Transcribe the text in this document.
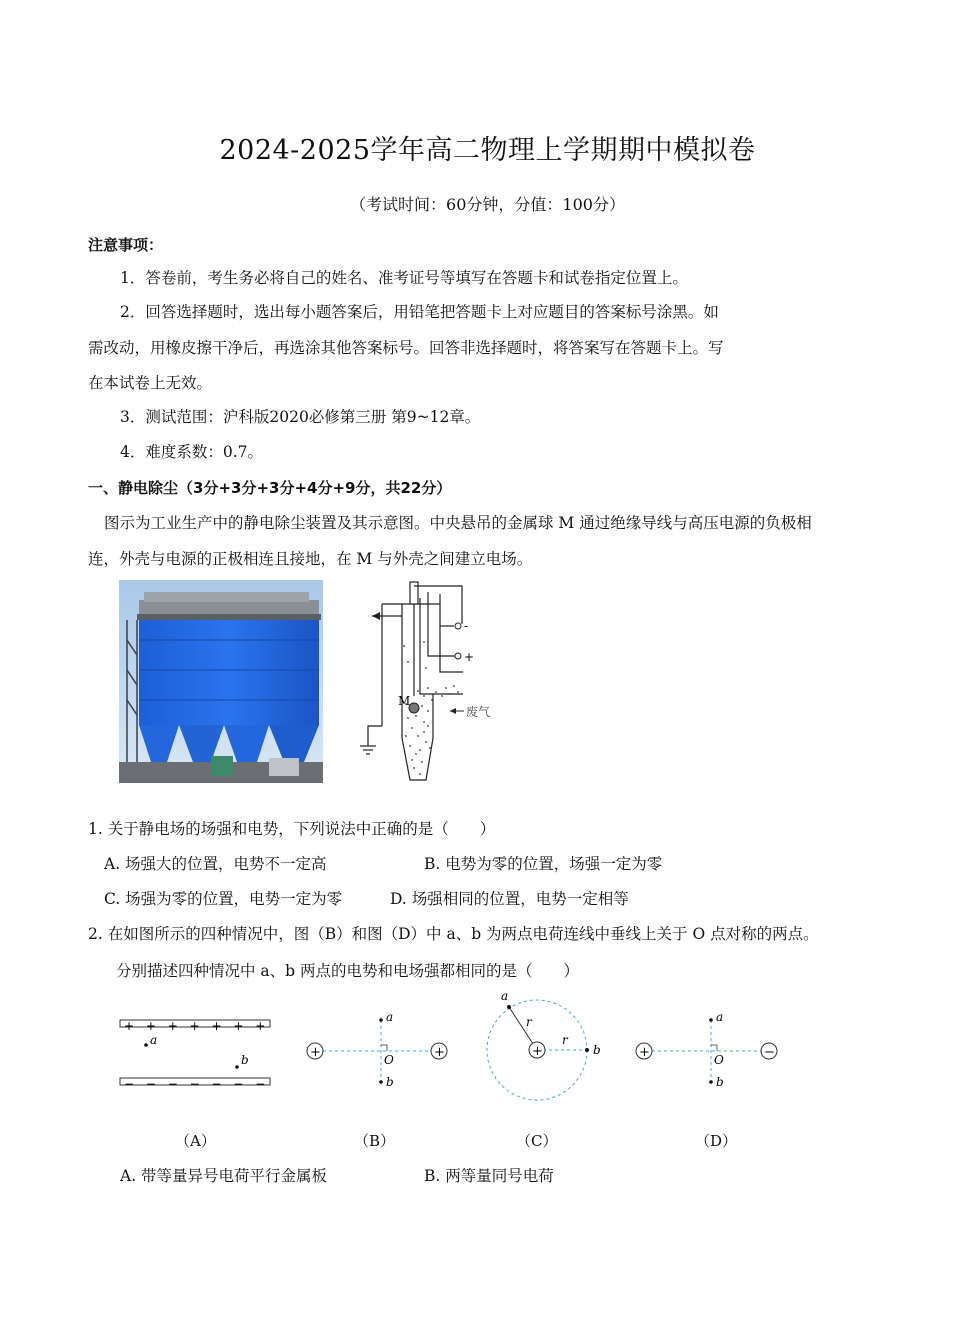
2024-2025学年高二物理上学期期中模拟卷
（考试时间：60分钟，分值：100分）
注意事项：
1．答卷前，考生务必将自己的姓名、准考证号等填写在答题卡和试卷指定位置上。
2．回答选择题时，选出每小题答案后，用铅笔把答题卡上对应题目的答案标号涂黑。如
需改动，用橡皮擦干净后，再选涂其他答案标号。回答非选择题时，将答案写在答题卡上。写
在本试卷上无效。
3．测试范围：沪科版2020必修第三册 第9~12章。
4．难度系数：0.7。
一、静电除尘（3分+3分+3分+4分+9分，共22分）
图示为工业生产中的静电除尘装置及其示意图。中央悬吊的金属球 M 通过绝缘导线与高压电源的负极相
连，外壳与电源的正极相连且接地，在 M 与外壳之间建立电场。
-
+
M
废气
1. 关于静电场的场强和电势，下列说法中正确的是（　　）
A. 场强大的位置，电势不一定高	B. 电势为零的位置，场强一定为零
C. 场强为零的位置，电势一定为零	D. 场强相同的位置，电势一定相等
2. 在如图所示的四种情况中，图（B）和图（D）中 a、b 为两点电荷连线中垂线上关于 O 点对称的两点。
分别描述四种情况中 a、b 两点的电势和电场强都相同的是（　　）
+ + + + + + +
− − − − − − −
a
b	+	+
a
O
b
+
a
r
r
b	+	−
a
O
b
（A）	（B）	（C）	（D）
A. 带等量异号电荷平行金属板	B. 两等量同号电荷
